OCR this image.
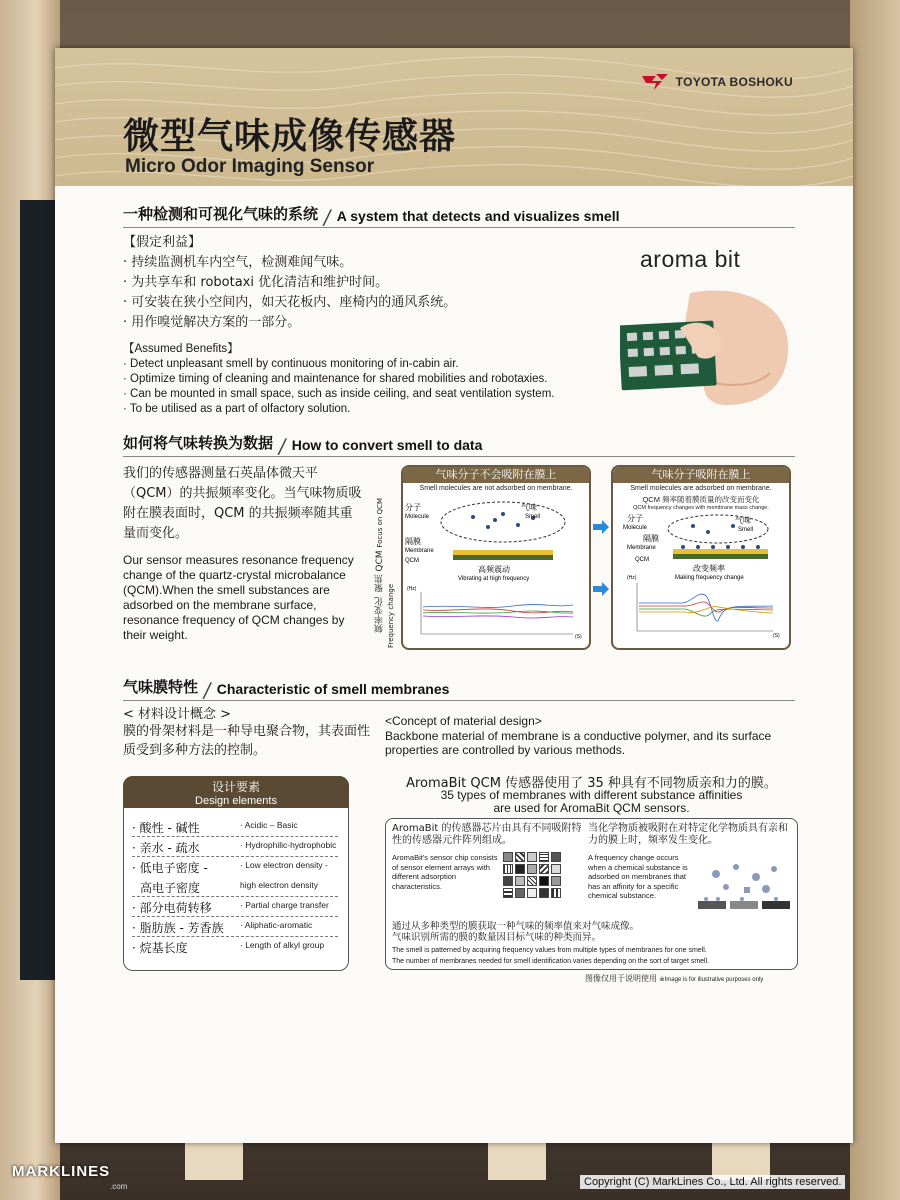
TOYOTA BOSHOKU
微型气味成像传感器
Micro Odor Imaging Sensor
一种检测和可视化气味的系统 / A system that detects and visualizes smell
【假定利益】
· 持续监测机车内空气，检测难闻气味。
· 为共享车和 robotaxi 优化清洁和维护时间。
· 可安装在狭小空间内，如天花板内、座椅内的通风系统。
· 用作嗅觉解决方案的一部分。
【Assumed Benefits】
· Detect unpleasant smell by continuous monitoring of in-cabin air.
· Optimize timing of cleaning and maintenance for shared mobilities and robotaxies.
· Can be mounted in small space, such as inside ceiling, and seat ventilation system.
· To be utilised as a part of olfactory solution.
aroma bit
如何将气味转换为数据 / How to convert smell to data
我们的传感器测量石英晶体微天平（QCM）的共振频率变化。当气味物质吸附在膜表面时，QCM 的共振频率随其重量而变化。
Our sensor measures resonance frequency change of the quartz-crystal microbalance (QCM).When the smell substances are adsorbed on the membrane surface, resonance frequency of QCM changes by their weight.
聚焦 QCM Focus on QCM
频率变化 Frequency change
气味分子不会吸附在膜上
Smell molecules are not adsorbed on membrane.
分子
Molecule
气味
Smell
隔膜
Membrane
QCM
高频震动
Vibrating at high frequency
(Hz)
(S)
气味分子吸附在膜上
Smell molecules are adsorbed on membrane.
QCM 频率随着膜质量的改变而变化
QCM frequency changes with membrane mass change.
分子
Molecule
气味
Smell
隔膜
Membrane
QCM
改变频率
Making frequency change
(Hz)
(S)
气味膜特性 / Characteristic of smell membranes
< 材料设计概念 >
膜的骨架材料是一种导电聚合物，其表面性质受到多种方法的控制。
<Concept of material design>
Backbone material of membrane is a conductive polymer, and its surface properties are controlled by various methods.
设计要素
Design elements
· 酸性 - 碱性	· Acidic – Basic
· 亲水 - 疏水	· Hydrophilic-hydrophobic
· 低电子密度 -	· Low electron density -
高电子密度	high electron density
· 部分电荷转移	· Partial charge transfer
· 脂肪族 - 芳香族 · Aliphatic-aromatic
· 烷基长度	· Length of alkyl group
AromaBit QCM 传感器使用了 35 种具有不同物质亲和力的膜。
35 types of membranes with different substance affinities
are used for AromaBit QCM sensors.
AromaBit 的传感器芯片由具有不同吸附特性的传感器元件阵列组成。
AromaBit's sensor chip consists of sensor element arrays with different adsorption characteristics.

当化学物质被吸附在对特定化学物质具有亲和力的膜上时，频率发生变化。
A frequency change occurs when a chemical substance is adsorbed on membranes that has an affinity for a specific chemical substance.
通过从多种类型的膜获取一种气味的频率值来对气味成像。
气味识别所需的膜的数量因目标气味的种类而异。
The smell is patterned by acquiring frequency values from multiple types of membranes for one smell.
The number of membranes needed for smell identification varies depending on the sort of target smell.
图像仅用于说明使用 ※Image is for illustrative purposes only
MARKLINES
.com	Copyright (C) MarkLines Co., Ltd. All rights reserved.
